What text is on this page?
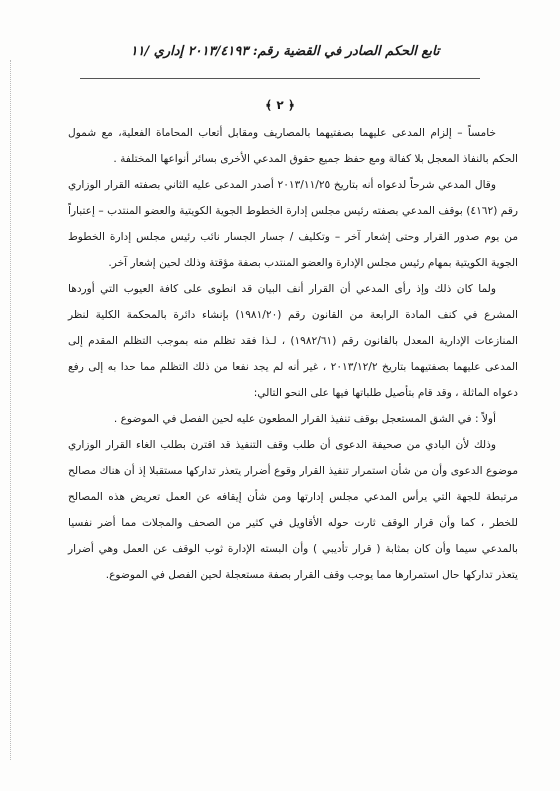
تابع الحكم الصادر في القضية رقم: ٢٠١٣/٤١٩٣ إداري /١١
﴿ ٢ ﴾

خامساً – إلزام المدعى عليهما بصفتيهما بالمصاريف ومقابل أتعاب المحاماة الفعلية، مع شمول الحكم بالنفاذ المعجل بلا كفالة ومع حفظ جميع حقوق المدعي الأخرى بسائر أنواعها المختلفة .

وقال المدعي شرحاً لدعواه أنه بتاريخ ٢٠١٣/١١/٢٥ أصدر المدعى عليه الثاني بصفته القرار الوزاري رقم (٤١٦٢) بوقف المدعي بصفته رئيس مجلس إدارة الخطوط الجوية الكويتية والعضو المنتدب – إعتباراً من يوم صدور القرار وحتى إشعار آخر – وتكليف / جسار الجسار نائب رئيس مجلس إدارة الخطوط الجوية الكويتية بمهام رئيس مجلس الإدارة والعضو المنتدب بصفة مؤقتة وذلك لحين إشعار آخر.

ولما كان ذلك وإذ رأى المدعي أن القرار أنف البيان قد انطوى على كافة العيوب التي أوردها المشرع في كنف المادة الرابعة من القانون رقم (١٩٨١/٢٠) بإنشاء دائرة بالمحكمة الكلية لنظر المنازعات الإدارية المعدل بالقانون رقم (١٩٨٢/٦١) ، لـذا فقد تظلم منه بموجب التظلم المقدم إلى المدعى عليهما بصفتيهما بتاريخ ٢٠١٣/١٢/٢ ، غير أنه لم يجد نفعا من ذلك التظلم مما حدا به إلى رفع دعواه الماثلة ، وقد قام بتأصيل طلباتها فيها على النحو التالي:

أولاً : في الشق المستعجل بوقف تنفيذ القرار المطعون عليه لحين الفصل في الموضوع .

وذلك لأن البادي من صحيفة الدعوى أن طلب وقف التنفيذ قد اقترن بطلب الغاء القرار الوزاري موضوع الدعوى وأن من شأن استمرار تنفيذ القرار وقوع أضرار يتعذر تداركها مستقبلا إذ أن هناك مصالح مرتبطة للجهة التي يرأس المدعي مجلس إدارتها ومن شأن إيقافه عن العمل تعريض هذه المصالح للخطر ، كما وأن قرار الوقف ثارت حوله الأقاويل في كثير من الصحف والمجلات مما أضر نفسيا بالمدعي سيما وأن كان بمثابة ( قرار تأديبي ) وأن البسته الإدارة ثوب الوقف عن العمل وهي أضرار يتعذر تداركها حال استمرارها مما يوجب وقف القرار بصفة مستعجلة لحين الفصل في الموضوع.
